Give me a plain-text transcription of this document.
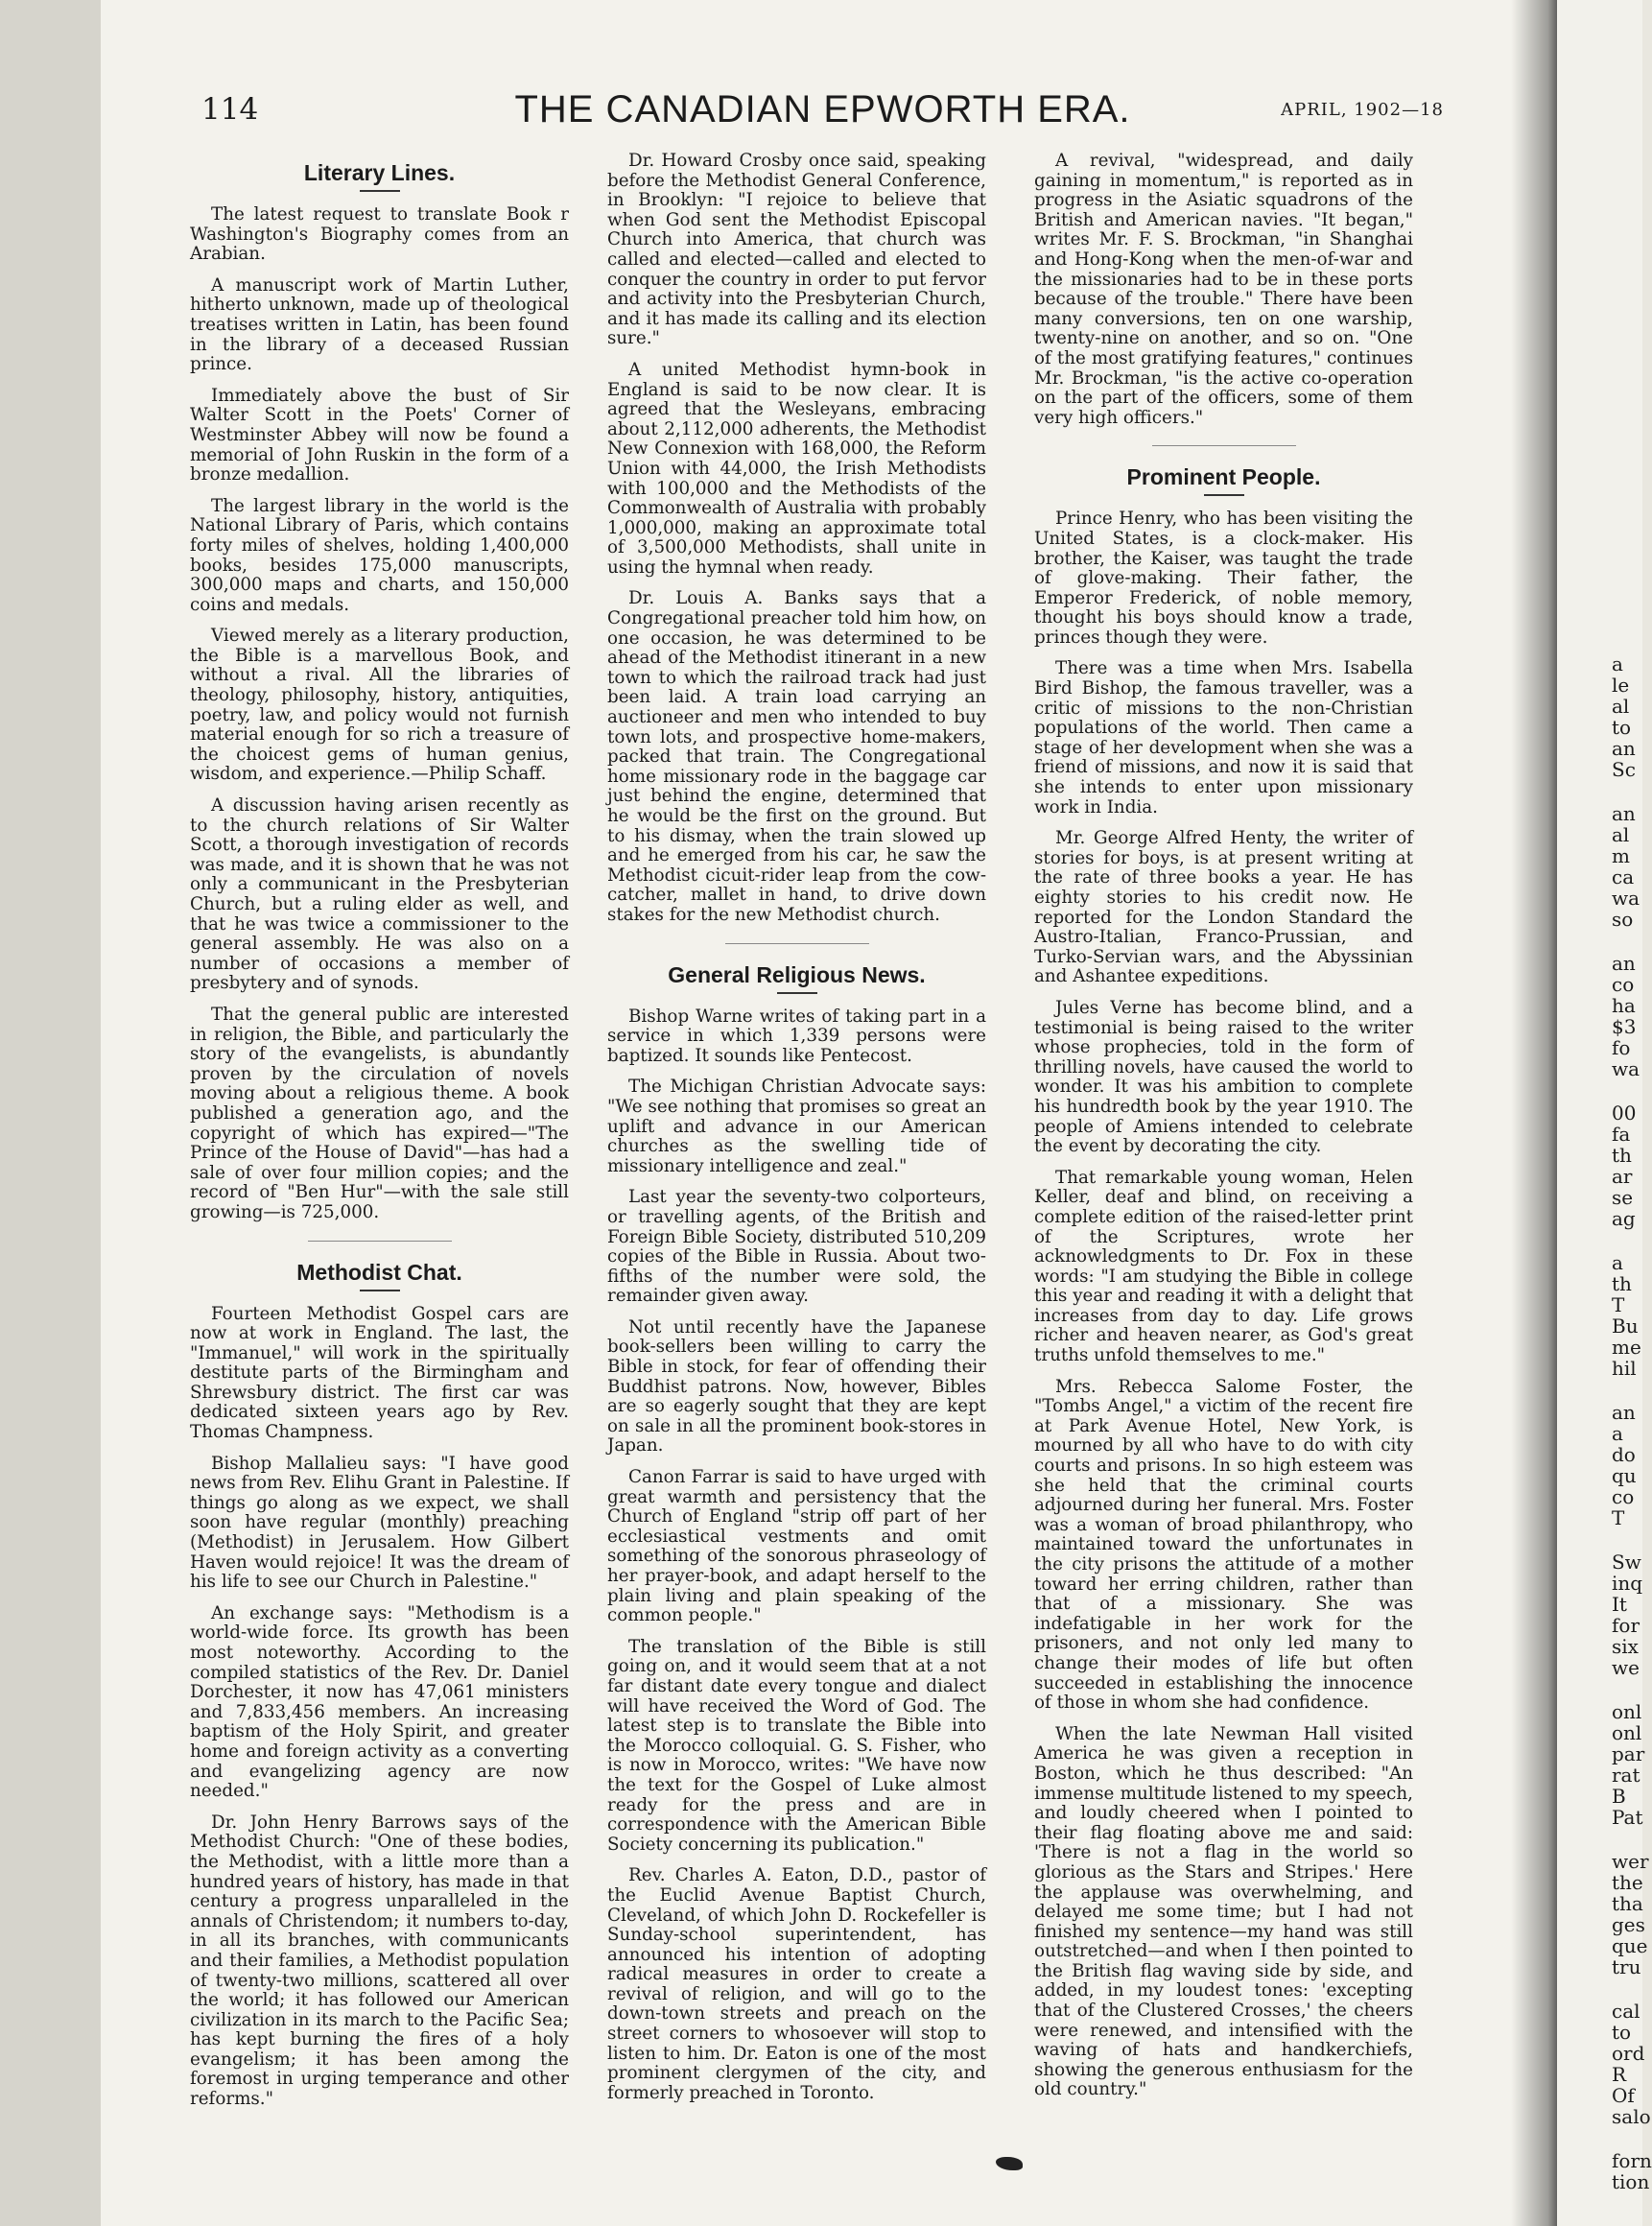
a
le
al
to
an
Sc
an
al
m
ca
wa
so
an
co
ha
$3
fo
wa
00
fa
th
ar
se
ag
a
th
T
Bu
me
hil
an
a
do
qu
co
T
Sw
inq
It
for
six
we
onl
onl
par
rat
B
Pat
wer
the
tha
ges
que
tru
cal
to
ord
R
Of
salo
forn
tion
114	THE CANADIAN EPWORTH ERA.	APRIL, 1902—18
Literary Lines.

The latest request to translate Book r Washington's Biography comes from an Arabian.

A manuscript work of Martin Luther, hitherto unknown, made up of theological treatises written in Latin, has been found in the library of a deceased Russian prince.

Immediately above the bust of Sir Walter Scott in the Poets' Corner of Westminster Abbey will now be found a memorial of John Ruskin in the form of a bronze medallion.

The largest library in the world is the National Library of Paris, which contains forty miles of shelves, holding 1,400,000 books, besides 175,000 manuscripts, 300,000 maps and charts, and 150,000 coins and medals.

Viewed merely as a literary production, the Bible is a marvellous Book, and without a rival. All the libraries of theology, philosophy, history, antiquities, poetry, law, and policy would not furnish material enough for so rich a treasure of the choicest gems of human genius, wisdom, and experience.—Philip Schaff.

A discussion having arisen recently as to the church relations of Sir Walter Scott, a thorough investigation of records was made, and it is shown that he was not only a communicant in the Presbyterian Church, but a ruling elder as well, and that he was twice a commissioner to the general assembly. He was also on a number of occasions a member of presbytery and of synods.

That the general public are interested in religion, the Bible, and particularly the story of the evangelists, is abundantly proven by the circulation of novels moving about a religious theme. A book published a generation ago, and the copyright of which has expired—"The Prince of the House of David"—has had a sale of over four million copies; and the record of "Ben Hur"—with the sale still growing—is 725,000.

Methodist Chat.

Fourteen Methodist Gospel cars are now at work in England. The last, the "Immanuel," will work in the spiritually destitute parts of the Birmingham and Shrewsbury district. The first car was dedicated sixteen years ago by Rev. Thomas Champness.

Bishop Mallalieu says: "I have good news from Rev. Elihu Grant in Palestine. If things go along as we expect, we shall soon have regular (monthly) preaching (Methodist) in Jerusalem. How Gilbert Haven would rejoice! It was the dream of his life to see our Church in Palestine."

An exchange says: "Methodism is a world-wide force. Its growth has been most noteworthy. According to the compiled statistics of the Rev. Dr. Daniel Dorchester, it now has 47,061 ministers and 7,833,456 members. An increasing baptism of the Holy Spirit, and greater home and foreign activity as a converting and evangelizing agency are now needed."

Dr. John Henry Barrows says of the Methodist Church: "One of these bodies, the Methodist, with a little more than a hundred years of history, has made in that century a progress unparalleled in the annals of Christendom; it numbers to-day, in all its branches, with communicants and their families, a Methodist population of twenty-two millions, scattered all over the world; it has followed our American civilization in its march to the Pacific Sea; has kept burning the fires of a holy evangelism; it has been among the foremost in urging temperance and other reforms."

Dr. Howard Crosby once said, speaking before the Methodist General Conference, in Brooklyn: "I rejoice to believe that when God sent the Methodist Episcopal Church into America, that church was called and elected—called and elected to conquer the country in order to put fervor and activity into the Presbyterian Church, and it has made its calling and its election sure."

A united Methodist hymn-book in England is said to be now clear. It is agreed that the Wesleyans, embracing about 2,112,000 adherents, the Methodist New Connexion with 168,000, the Reform Union with 44,000, the Irish Methodists with 100,000 and the Methodists of the Commonwealth of Australia with probably 1,000,000, making an approximate total of 3,500,000 Methodists, shall unite in using the hymnal when ready.

Dr. Louis A. Banks says that a Congregational preacher told him how, on one occasion, he was determined to be ahead of the Methodist itinerant in a new town to which the railroad track had just been laid. A train load carrying an auctioneer and men who intended to buy town lots, and prospective home-makers, packed that train. The Congregational home missionary rode in the baggage car just behind the engine, determined that he would be the first on the ground. But to his dismay, when the train slowed up and he emerged from his car, he saw the Methodist cicuit-rider leap from the cow-catcher, mallet in hand, to drive down stakes for the new Methodist church.

General Religious News.

Bishop Warne writes of taking part in a service in which 1,339 persons were baptized. It sounds like Pentecost.

The Michigan Christian Advocate says: "We see nothing that promises so great an uplift and advance in our American churches as the swelling tide of missionary intelligence and zeal."

Last year the seventy-two colporteurs, or travelling agents, of the British and Foreign Bible Society, distributed 510,209 copies of the Bible in Russia. About two-fifths of the number were sold, the remainder given away.

Not until recently have the Japanese book-sellers been willing to carry the Bible in stock, for fear of offending their Buddhist patrons. Now, however, Bibles are so eagerly sought that they are kept on sale in all the prominent book-stores in Japan.

Canon Farrar is said to have urged with great warmth and persistency that the Church of England "strip off part of her ecclesiastical vestments and omit something of the sonorous phraseology of her prayer-book, and adapt herself to the plain living and plain speaking of the common people."

The translation of the Bible is still going on, and it would seem that at a not far distant date every tongue and dialect will have received the Word of God. The latest step is to translate the Bible into the Morocco colloquial. G. S. Fisher, who is now in Morocco, writes: "We have now the text for the Gospel of Luke almost ready for the press and are in correspondence with the American Bible Society concerning its publication."

Rev. Charles A. Eaton, D.D., pastor of the Euclid Avenue Baptist Church, Cleveland, of which John D. Rockefeller is Sunday-school superintendent, has announced his intention of adopting radical measures in order to create a revival of religion, and will go to the down-town streets and preach on the street corners to whosoever will stop to listen to him. Dr. Eaton is one of the most prominent clergymen of the city, and formerly preached in Toronto.

A revival, "widespread, and daily gaining in momentum," is reported as in progress in the Asiatic squadrons of the British and American navies. "It began," writes Mr. F. S. Brockman, "in Shanghai and Hong-Kong when the men-of-war and the missionaries had to be in these ports because of the trouble." There have been many conversions, ten on one warship, twenty-nine on another, and so on. "One of the most gratifying features," continues Mr. Brockman, "is the active co-operation on the part of the officers, some of them very high officers."

Prominent People.

Prince Henry, who has been visiting the United States, is a clock-maker. His brother, the Kaiser, was taught the trade of glove-making. Their father, the Emperor Frederick, of noble memory, thought his boys should know a trade, princes though they were.

There was a time when Mrs. Isabella Bird Bishop, the famous traveller, was a critic of missions to the non-Christian populations of the world. Then came a stage of her development when she was a friend of missions, and now it is said that she intends to enter upon missionary work in India.

Mr. George Alfred Henty, the writer of stories for boys, is at present writing at the rate of three books a year. He has eighty stories to his credit now. He reported for the London Standard the Austro-Italian, Franco-Prussian, and Turko-Servian wars, and the Abyssinian and Ashantee expeditions.

Jules Verne has become blind, and a testimonial is being raised to the writer whose prophecies, told in the form of thrilling novels, have caused the world to wonder. It was his ambition to complete his hundredth book by the year 1910. The people of Amiens intended to celebrate the event by decorating the city.

That remarkable young woman, Helen Keller, deaf and blind, on receiving a complete edition of the raised-letter print of the Scriptures, wrote her acknowledgments to Dr. Fox in these words: "I am studying the Bible in college this year and reading it with a delight that increases from day to day. Life grows richer and heaven nearer, as God's great truths unfold themselves to me."

Mrs. Rebecca Salome Foster, the "Tombs Angel," a victim of the recent fire at Park Avenue Hotel, New York, is mourned by all who have to do with city courts and prisons. In so high esteem was she held that the criminal courts adjourned during her funeral. Mrs. Foster was a woman of broad philanthropy, who maintained toward the unfortunates in the city prisons the attitude of a mother toward her erring children, rather than that of a missionary. She was indefatigable in her work for the prisoners, and not only led many to change their modes of life but often succeeded in establishing the innocence of those in whom she had confidence.

When the late Newman Hall visited America he was given a reception in Boston, which he thus described: "An immense multitude listened to my speech, and loudly cheered when I pointed to their flag floating above me and said: 'There is not a flag in the world so glorious as the Stars and Stripes.' Here the applause was overwhelming, and delayed me some time; but I had not finished my sentence—my hand was still outstretched—and when I then pointed to the British flag waving side by side, and added, in my loudest tones: 'excepting that of the Clustered Crosses,' the cheers were renewed, and intensified with the waving of hats and handkerchiefs, showing the generous enthusiasm for the old country."
